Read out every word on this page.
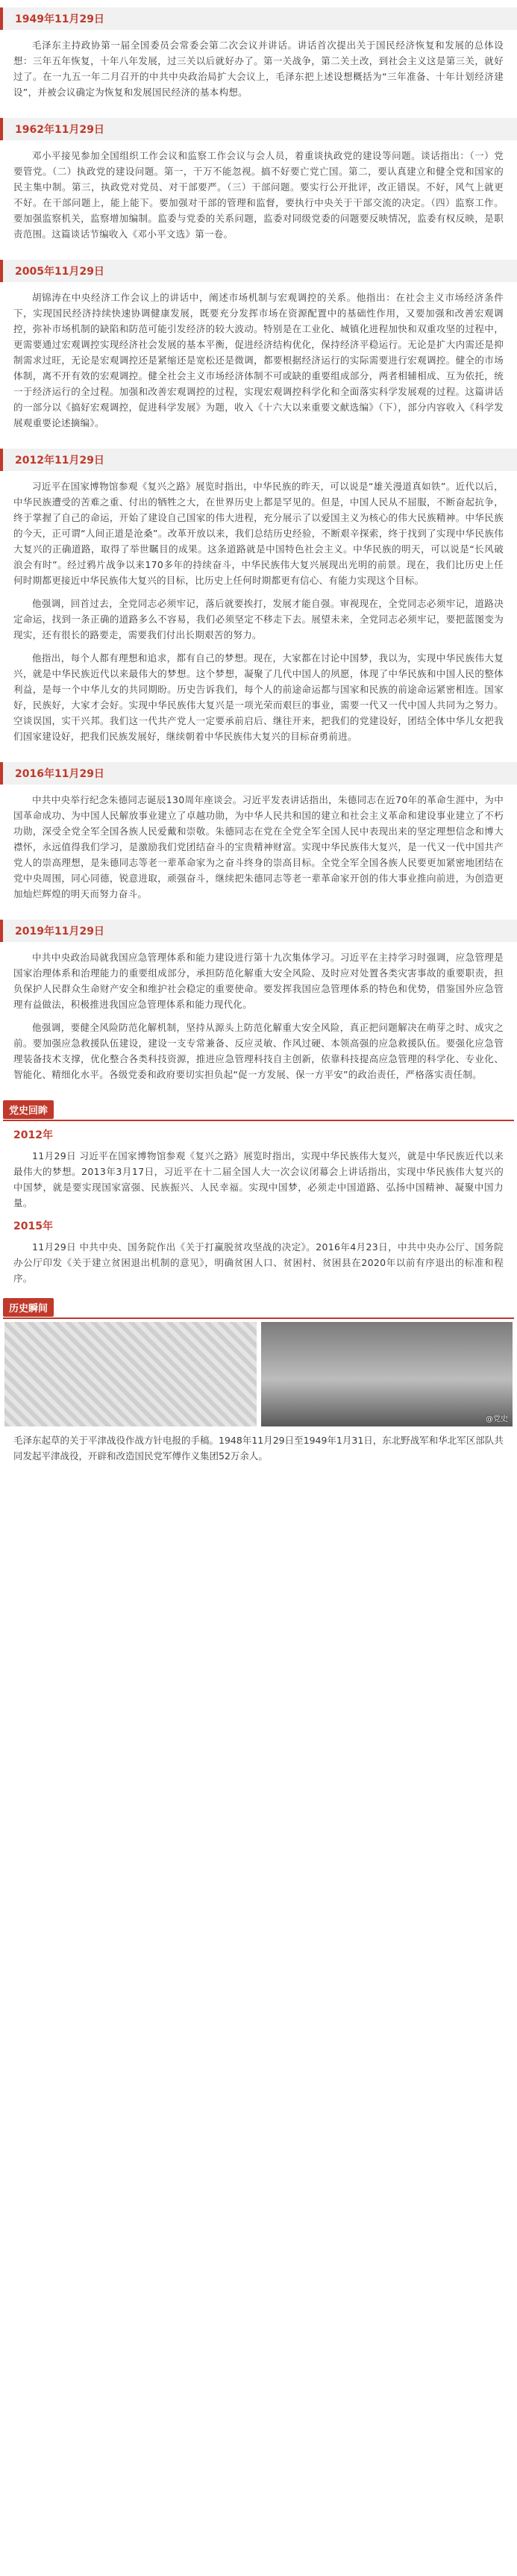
1949年11月29日

毛泽东主持政协第一届全国委员会常委会第二次会议并讲话。讲话首次提出关于国民经济恢复和发展的总体设想：三年五年恢复，十年八年发展，过三关以后就好办了。第一关战争，第二关土改，到社会主义这是第三关，就好过了。在一九五一年二月召开的中共中央政治局扩大会议上，毛泽东把上述设想概括为“三年准备、十年计划经济建设”，并被会议确定为恢复和发展国民经济的基本构想。

1962年11月29日

邓小平接见参加全国组织工作会议和监察工作会议与会人员，着重谈执政党的建设等问题。谈话指出：（一）党要管党。（二）执政党的建设问题。第一，干万不能忽视。搞不好要亡党亡国。第二，要认真建立和健全党和国家的民主集中制。第三，执政党对党员、对干部要严。（三）干部问题。要实行公开批评，改正错误。不好，风气上就更不好。在干部问题上，能上能下。要加强对干部的管理和监督，要执行中央关于干部交流的决定。（四）监察工作。要加强监察机关，监察增加编制。监委与党委的关系问题，监委对同级党委的问题要反映情况，监委有权反映，是职责范围。这篇谈话节编收入《邓小平文选》第一卷。

2005年11月29日

胡锦涛在中央经济工作会议上的讲话中，阐述市场机制与宏观调控的关系。他指出：在社会主义市场经济条件下，实现国民经济持续快速协调健康发展，既要充分发挥市场在资源配置中的基础性作用，又要加强和改善宏观调控，弥补市场机制的缺陷和防范可能引发经济的较大波动。特别是在工业化、城镇化进程加快和双重攻坚的过程中，更需要通过宏观调控实现经济社会发展的基本平衡，促进经济结构优化，保持经济平稳运行。无论是扩大内需还是抑制需求过旺，无论是宏观调控还是紧缩还是宽松还是微调，都要根据经济运行的实际需要进行宏观调控。健全的市场体制，离不开有效的宏观调控。健全社会主义市场经济体制不可或缺的重要组成部分，两者相辅相成、互为依托，统一于经济运行的全过程。加强和改善宏观调控的过程，实现宏观调控科学化和全面落实科学发展观的过程。这篇讲话的一部分以《搞好宏观调控，促进科学发展》为题，收入《十六大以来重要文献选编》（下），部分内容收入《科学发展观重要论述摘编》。

2012年11月29日

习近平在国家博物馆参观《复兴之路》展览时指出，中华民族的昨天，可以说是“雄关漫道真如铁”。近代以后，中华民族遭受的苦难之重、付出的牺牲之大，在世界历史上都是罕见的。但是，中国人民从不屈服，不断奋起抗争，终于掌握了自己的命运，开始了建设自己国家的伟大进程，充分展示了以爱国主义为核心的伟大民族精神。中华民族的今天，正可谓“人间正道是沧桑”。改革开放以来，我们总结历史经验，不断艰辛探索，终于找到了实现中华民族伟大复兴的正确道路，取得了举世瞩目的成果。这条道路就是中国特色社会主义。中华民族的明天，可以说是“长风破浪会有时”。经过鸦片战争以来170多年的持续奋斗，中华民族伟大复兴展现出光明的前景。现在，我们比历史上任何时期都更接近中华民族伟大复兴的目标，比历史上任何时期都更有信心、有能力实现这个目标。

他强调，回首过去，全党同志必须牢记，落后就要挨打，发展才能自强。审视现在，全党同志必须牢记，道路决定命运，找到一条正确的道路多么不容易，我们必须坚定不移走下去。展望未来，全党同志必须牢记，要把蓝图变为现实，还有很长的路要走，需要我们付出长期艰苦的努力。

他指出，每个人都有理想和追求，都有自己的梦想。现在，大家都在讨论中国梦，我以为，实现中华民族伟大复兴，就是中华民族近代以来最伟大的梦想。这个梦想，凝聚了几代中国人的夙愿，体现了中华民族和中国人民的整体利益，是每一个中华儿女的共同期盼。历史告诉我们，每个人的前途命运都与国家和民族的前途命运紧密相连。国家好，民族好，大家才会好。实现中华民族伟大复兴是一项光荣而艰巨的事业，需要一代又一代中国人共同为之努力。空谈误国，实干兴邦。我们这一代共产党人一定要承前启后、继往开来，把我们的党建设好，团结全体中华儿女把我们国家建设好，把我们民族发展好，继续朝着中华民族伟大复兴的目标奋勇前进。

2016年11月29日

中共中央举行纪念朱德同志诞辰130周年座谈会。习近平发表讲话指出，朱德同志在近70年的革命生涯中，为中国革命成功、为中国人民解放事业建立了卓越功勋，为中华人民共和国的建立和社会主义革命和建设事业建立了不朽功勋，深受全党全军全国各族人民爱戴和崇敬。朱德同志在党在全党全军全国人民中表现出来的坚定理想信念和博大襟怀，永远值得我们学习，是激励我们党团结奋斗的宝贵精神财富。实现中华民族伟大复兴，是一代又一代中国共产党人的崇高理想，是朱德同志等老一辈革命家为之奋斗终身的崇高目标。全党全军全国各族人民要更加紧密地团结在党中央周围，同心同德，锐意进取，顽强奋斗，继续把朱德同志等老一辈革命家开创的伟大事业推向前进，为创造更加灿烂辉煌的明天而努力奋斗。

2019年11月29日

中共中央政治局就我国应急管理体系和能力建设进行第十九次集体学习。习近平在主持学习时强调，应急管理是国家治理体系和治理能力的重要组成部分，承担防范化解重大安全风险、及时应对处置各类灾害事故的重要职责，担负保护人民群众生命财产安全和维护社会稳定的重要使命。要发挥我国应急管理体系的特色和优势，借鉴国外应急管理有益做法，积极推进我国应急管理体系和能力现代化。

他强调，要健全风险防范化解机制，坚持从源头上防范化解重大安全风险，真正把问题解决在萌芽之时、成灾之前。要加强应急救援队伍建设，建设一支专常兼备、反应灵敏、作风过硬、本领高强的应急救援队伍。要强化应急管理装备技术支撑，优化整合各类科技资源，推进应急管理科技自主创新，依靠科技提高应急管理的科学化、专业化、智能化、精细化水平。各级党委和政府要切实担负起“促一方发展、保一方平安”的政治责任，严格落实责任制。

党史回眸
2012年

11月29日 习近平在国家博物馆参观《复兴之路》展览时指出，实现中华民族伟大复兴，就是中华民族近代以来最伟大的梦想。2013年3月17日，习近平在十二届全国人大一次会议闭幕会上讲话指出，实现中华民族伟大复兴的中国梦，就是要实现国家富强、民族振兴、人民幸福。实现中国梦，必须走中国道路、弘扬中国精神、凝聚中国力量。

2015年

11月29日 中共中央、国务院作出《关于打赢脱贫攻坚战的决定》。2016年4月23日，中共中央办公厅、国务院办公厅印发《关于建立贫困退出机制的意见》，明确贫困人口、贫困村、贫困县在2020年以前有序退出的标准和程序。

历史瞬间
@党史

毛泽东起草的关于平津战役作战方针电报的手稿。1948年11月29日至1949年1月31日，东北野战军和华北军区部队共同发起平津战役，开辟和改造国民党军傅作义集团52万余人。
